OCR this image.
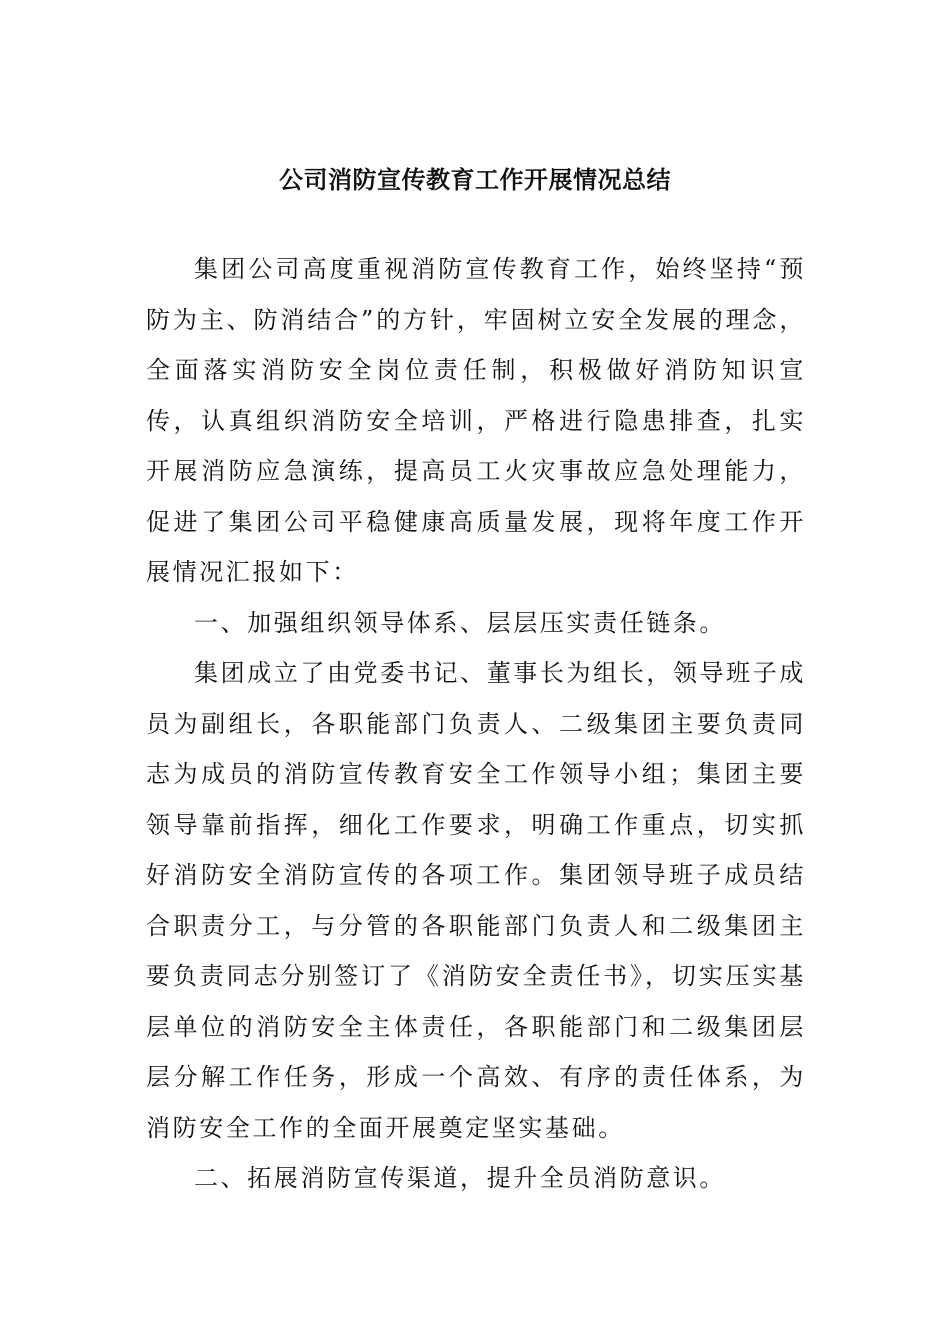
公司消防宣传教育工作开展情况总结

集团公司高度重视消防宣传教育工作，始终坚持“预防为主、防消结合”的方针，牢固树立安全发展的理念，全面落实消防安全岗位责任制，积极做好消防知识宣传，认真组织消防安全培训，严格进行隐患排查，扎实开展消防应急演练，提高员工火灾事故应急处理能力，促进了集团公司平稳健康高质量发展，现将年度工作开展情况汇报如下：

一、加强组织领导体系、层层压实责任链条。

集团成立了由党委书记、董事长为组长，领导班子成员为副组长，各职能部门负责人、二级集团主要负责同志为成员的消防宣传教育安全工作领导小组；集团主要领导靠前指挥，细化工作要求，明确工作重点，切实抓好消防安全消防宣传的各项工作。集团领导班子成员结合职责分工，与分管的各职能部门负责人和二级集团主要负责同志分别签订了《消防安全责任书》，切实压实基层单位的消防安全主体责任，各职能部门和二级集团层层分解工作任务，形成一个高效、有序的责任体系，为消防安全工作的全面开展奠定坚实基础。

二、拓展消防宣传渠道，提升全员消防意识。
